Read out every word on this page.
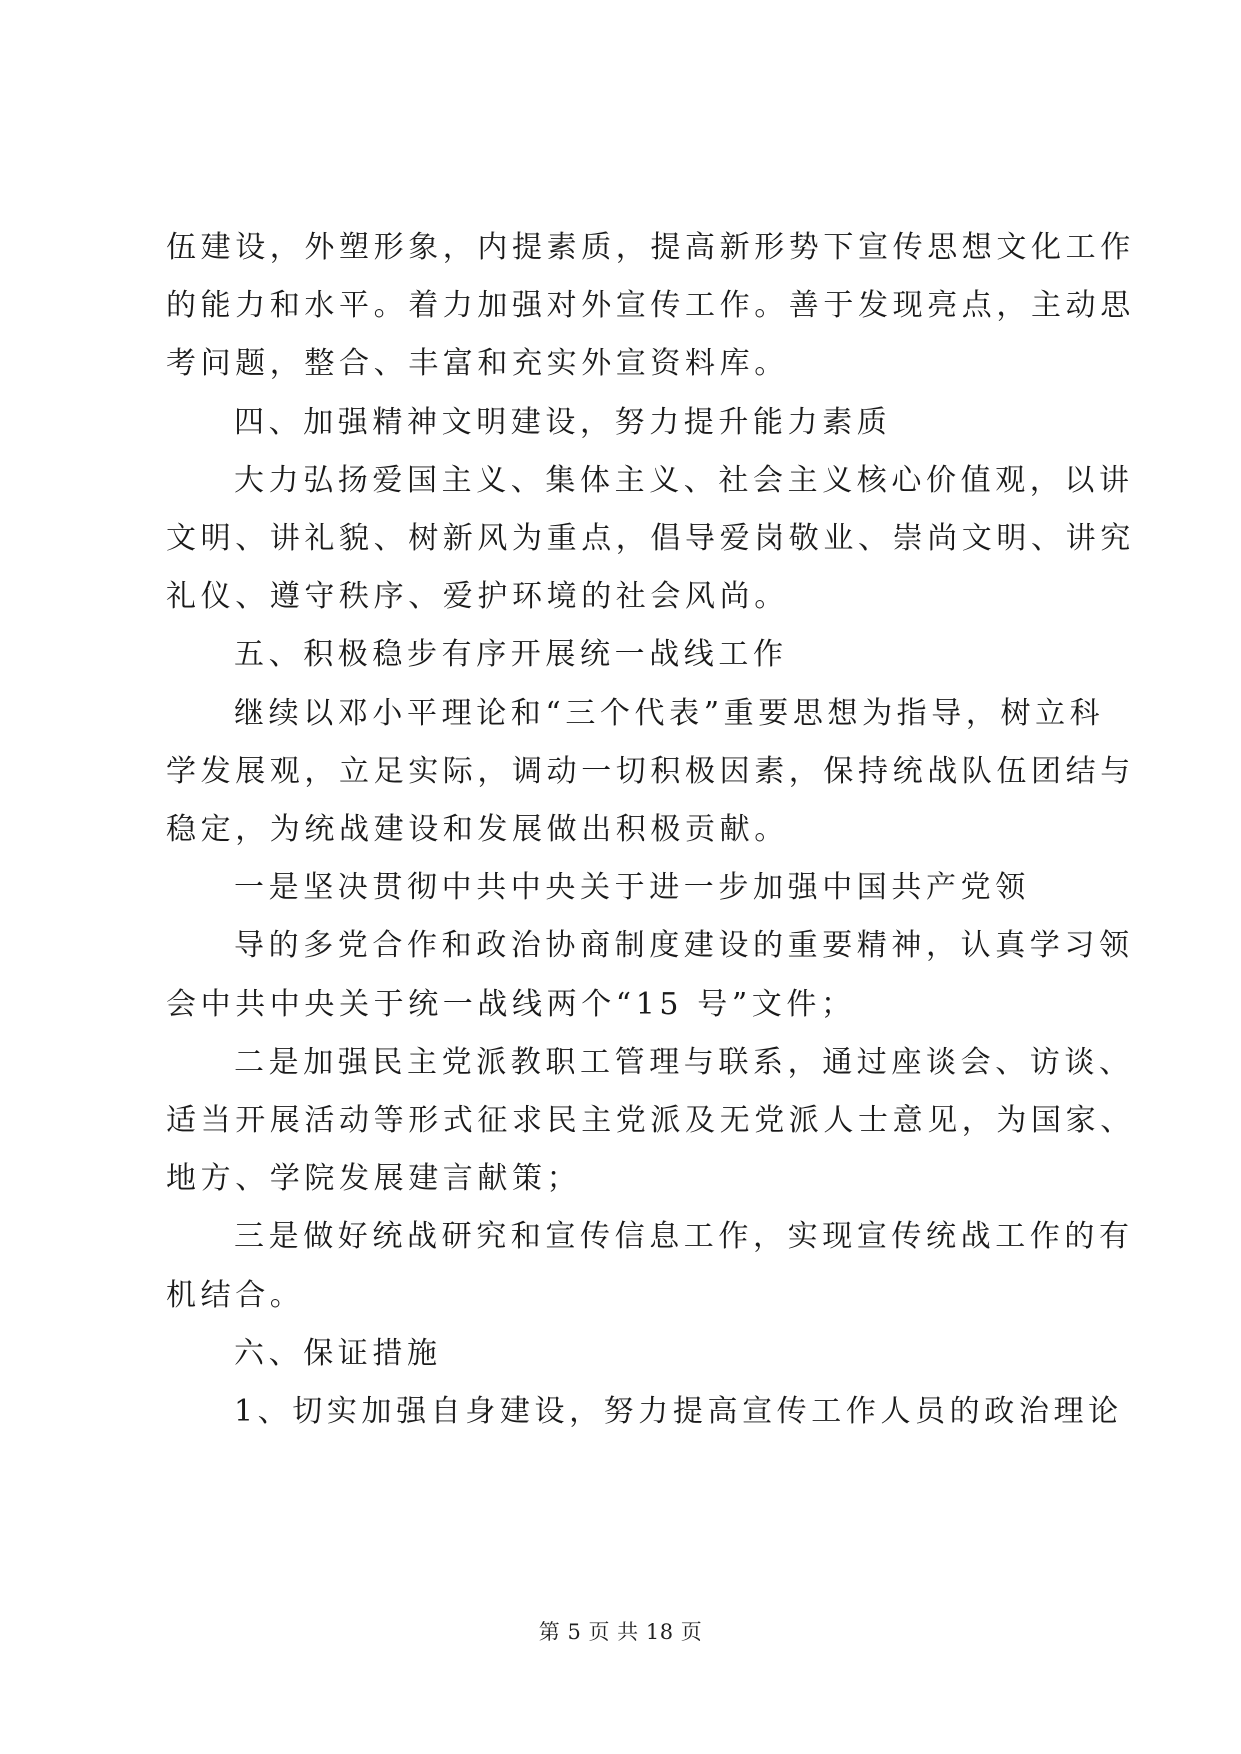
伍建设，外塑形象，内提素质，提高新形势下宣传思想文化工作
的能力和水平。着力加强对外宣传工作。善于发现亮点，主动思
考问题，整合、丰富和充实外宣资料库。
四、加强精神文明建设，努力提升能力素质
大力弘扬爱国主义、集体主义、社会主义核心价值观，以讲
文明、讲礼貌、树新风为重点，倡导爱岗敬业、崇尚文明、讲究
礼仪、遵守秩序、爱护环境的社会风尚。
五、积极稳步有序开展统一战线工作
继续以邓小平理论和“三个代表”重要思想为指导，树立科
学发展观，立足实际，调动一切积极因素，保持统战队伍团结与
稳定，为统战建设和发展做出积极贡献。
一是坚决贯彻中共中央关于进一步加强中国共产党领
导的多党合作和政治协商制度建设的重要精神，认真学习领
会中共中央关于统一战线两个“15 号”文件；
二是加强民主党派教职工管理与联系，通过座谈会、访谈、
适当开展活动等形式征求民主党派及无党派人士意见，为国家、
地方、学院发展建言献策；
三是做好统战研究和宣传信息工作，实现宣传统战工作的有
机结合。
六、保证措施
1、切实加强自身建设，努力提高宣传工作人员的政治理论
第 5 页 共 18 页
